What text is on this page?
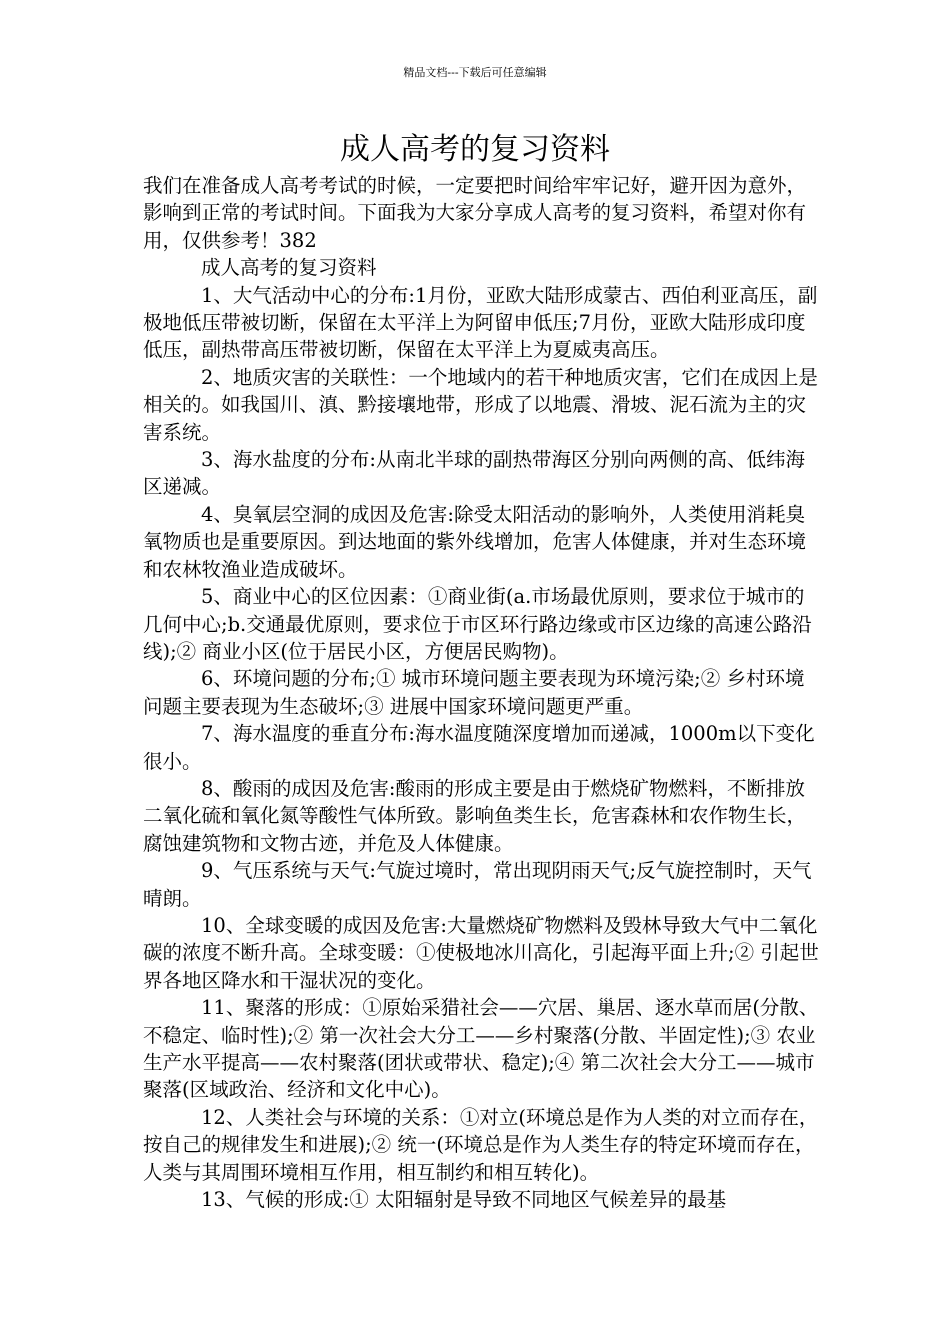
精品文档---下载后可任意编辑
成人高考的复习资料

我们在准备成人高考考试的时候，一定要把时间给牢牢记好，避开因为意外，影响到正常的考试时间。下面我为大家分享成人高考的复习资料，希望对你有用，仅供参考！382

成人高考的复习资料

1、大气活动中心的分布:1月份，亚欧大陆形成蒙古、西伯利亚高压，副极地低压带被切断，保留在太平洋上为阿留申低压;7月份，亚欧大陆形成印度低压，副热带高压带被切断，保留在太平洋上为夏威夷高压。

2、地质灾害的关联性：一个地域内的若干种地质灾害，它们在成因上是相关的。如我国川、滇、黔接壤地带，形成了以地震、滑坡、泥石流为主的灾害系统。

3、海水盐度的分布:从南北半球的副热带海区分别向两侧的高、低纬海区递减。

4、臭氧层空洞的成因及危害:除受太阳活动的影响外，人类使用消耗臭氧物质也是重要原因。到达地面的紫外线增加，危害人体健康，并对生态环境和农林牧渔业造成破坏。

5、商业中心的区位因素：①商业街(a.市场最优原则，要求位于城市的几何中心;b.交通最优原则，要求位于市区环行路边缘或市区边缘的高速公路沿线);② 商业小区(位于居民小区，方便居民购物)。

6、环境问题的分布;① 城市环境问题主要表现为环境污染;② 乡村环境问题主要表现为生态破坏;③ 进展中国家环境问题更严重。

7、海水温度的垂直分布:海水温度随深度增加而递减，1000m以下变化很小。

8、酸雨的成因及危害:酸雨的形成主要是由于燃烧矿物燃料，不断排放二氧化硫和氧化氮等酸性气体所致。影响鱼类生长，危害森林和农作物生长，腐蚀建筑物和文物古迹，并危及人体健康。

9、气压系统与天气:气旋过境时，常出现阴雨天气;反气旋控制时，天气晴朗。

10、全球变暖的成因及危害:大量燃烧矿物燃料及毁林导致大气中二氧化碳的浓度不断升高。全球变暖：①使极地冰川高化，引起海平面上升;② 引起世界各地区降水和干湿状况的变化。

11、聚落的形成：①原始采猎社会——穴居、巢居、逐水草而居(分散、不稳定、临时性);② 第一次社会大分工——乡村聚落(分散、半固定性);③ 农业生产水平提高——农村聚落(团状或带状、稳定);④ 第二次社会大分工——城市聚落(区域政治、经济和文化中心)。

12、人类社会与环境的关系：①对立(环境总是作为人类的对立而存在，按自己的规律发生和进展);② 统一(环境总是作为人类生存的特定环境而存在，人类与其周围环境相互作用，相互制约和相互转化)。

13、气候的形成:① 太阳辐射是导致不同地区气候差异的最基
